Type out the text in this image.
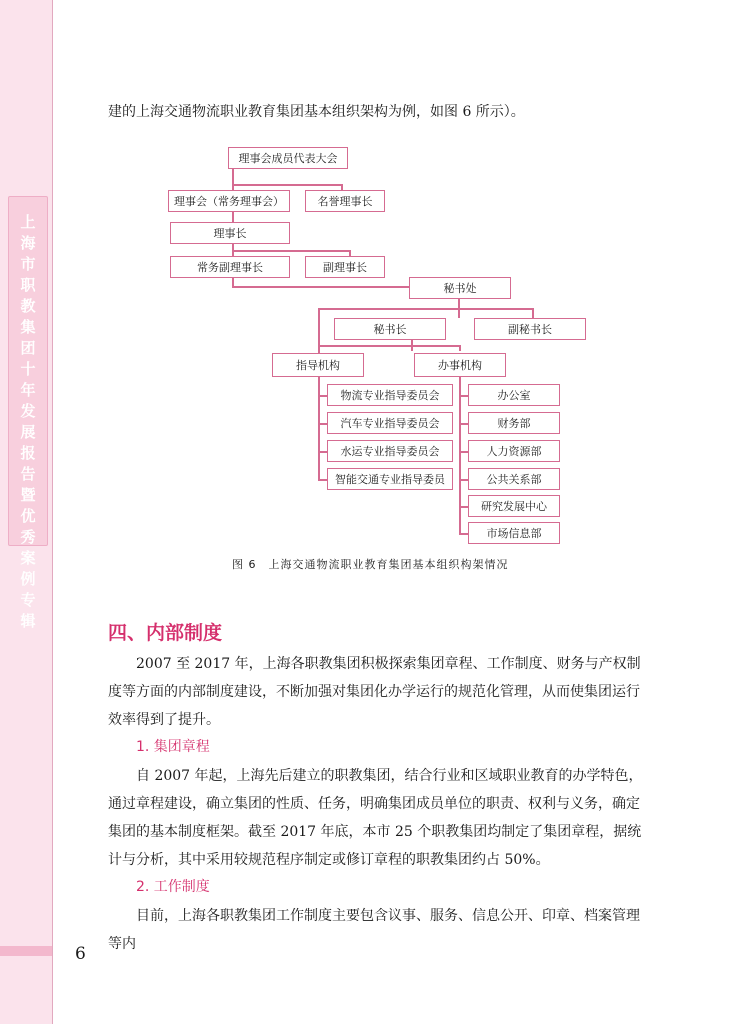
上海市职教集团十年发展报告暨优秀案例专辑
建的上海交通物流职业教育集团基本组织架构为例，如图 6 所示）。
理事会成员代表大会
理事会（常务理事会）	名誉理事长
理事长
常务副理事长	副理事长
秘书处
秘书长	副秘书长
指导机构	办事机构
物流专业指导委员会
汽车专业指导委员会
水运专业指导委员会
智能交通专业指导委员
办公室
财务部
人力资源部
公共关系部
研究发展中心
市场信息部
图 6　上海交通物流职业教育集团基本组织构架情况
四、内部制度

2007 至 2017 年，上海各职教集团积极探索集团章程、工作制度、财务与产权制度等方面的内部制度建设，不断加强对集团化办学运行的规范化管理，从而使集团运行效率得到了提升。

1. 集团章程

自 2007 年起，上海先后建立的职教集团，结合行业和区域职业教育的办学特色，通过章程建设，确立集团的性质、任务，明确集团成员单位的职责、权利与义务，确定集团的基本制度框架。截至 2017 年底，本市 25 个职教集团均制定了集团章程，据统计与分析，其中采用较规范程序制定或修订章程的职教集团约占 50%。

2. 工作制度

目前，上海各职教集团工作制度主要包含议事、服务、信息公开、印章、档案管理等内

6
